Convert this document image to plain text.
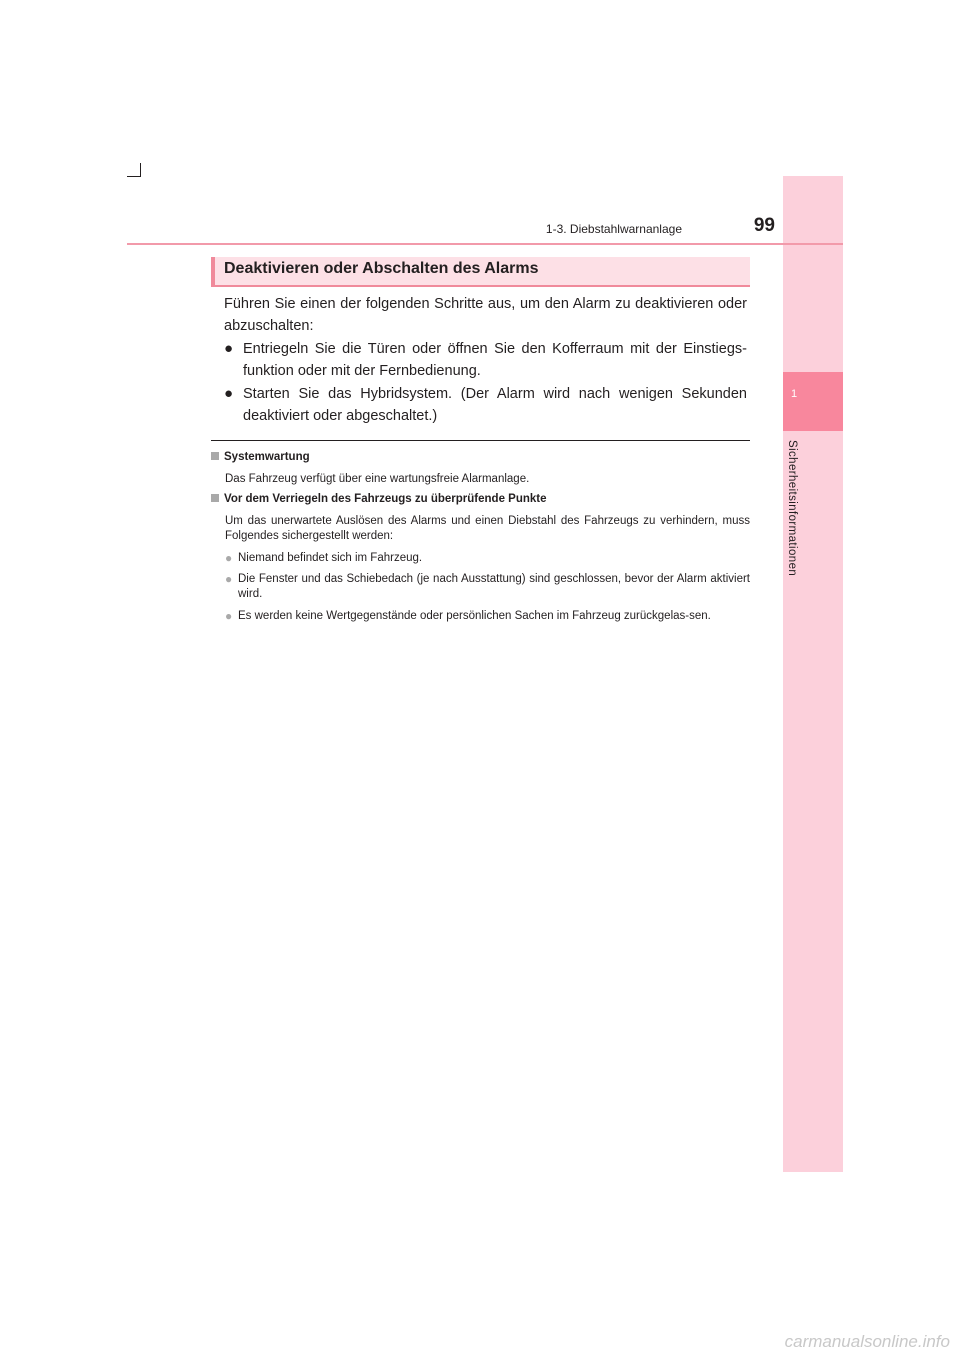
1
Sicherheitsinformationen
1-3. Diebstahlwarnanlage	99
Deaktivieren oder Abschalten des Alarms
Führen Sie einen der folgenden Schritte aus, um den Alarm zu deaktivieren oder abzuschalten:
● Entriegeln Sie die Türen oder öffnen Sie den Kofferraum mit der Einstiegs-funktion oder mit der Fernbedienung.
● Starten Sie das Hybridsystem. (Der Alarm wird nach wenigen Sekunden deaktiviert oder abgeschaltet.)
Systemwartung
Das Fahrzeug verfügt über eine wartungsfreie Alarmanlage.
Vor dem Verriegeln des Fahrzeugs zu überprüfende Punkte
Um das unerwartete Auslösen des Alarms und einen Diebstahl des Fahrzeugs zu verhindern, muss Folgendes sichergestellt werden:
● Niemand befindet sich im Fahrzeug.
● Die Fenster und das Schiebedach (je nach Ausstattung) sind geschlossen, bevor der Alarm aktiviert wird.
● Es werden keine Wertgegenstände oder persönlichen Sachen im Fahrzeug zurückgelas-sen.
carmanualsonline.info
